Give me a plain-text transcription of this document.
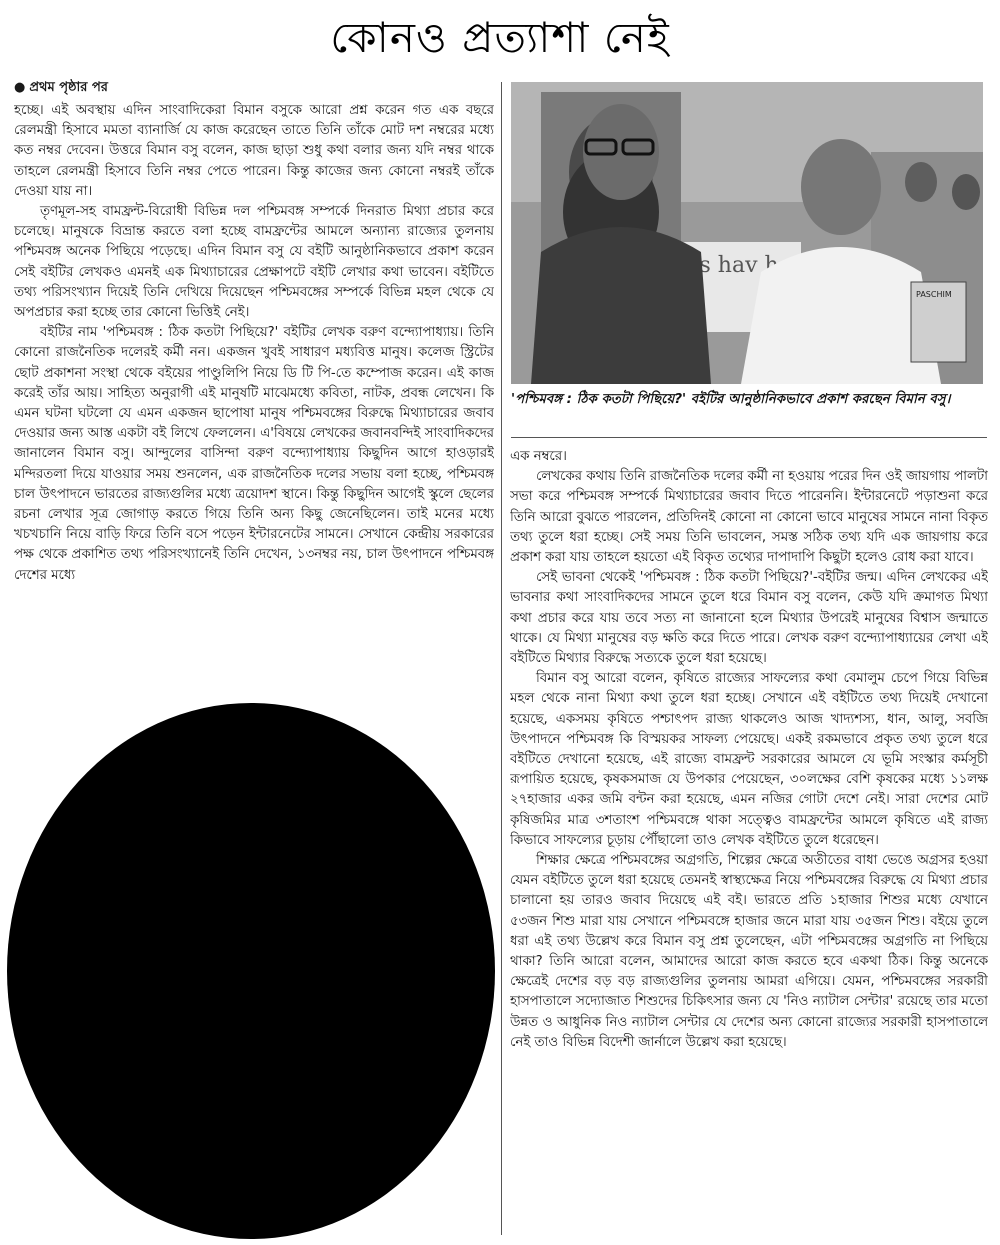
কোনও প্রত্যাশা নেই
● প্রথম পৃষ্ঠার পর

হচ্ছে। এই অবস্থায় এদিন সাংবাদিকেরা বিমান বসুকে আরো প্রশ্ন করেন গত এক বছরে রেলমন্ত্রী হিসাবে মমতা ব্যানার্জি যে কাজ করেছেন তাতে তিনি তাঁকে মোট দশ নম্বরের মধ্যে কত নম্বর দেবেন। উত্তরে বিমান বসু বলেন, কাজ ছাড়া শুধু কথা বলার জন্য যদি নম্বর থাকে তাহলে রেলমন্ত্রী হিসাবে তিনি নম্বর পেতে পারেন। কিন্তু কাজের জন্য কোনো নম্বরই তাঁকে দেওয়া যায় না।

তৃণমূল-সহ বামফ্রন্ট-বিরোধী বিভিন্ন দল পশ্চিমবঙ্গ সম্পর্কে দিনরাত মিথ্যা প্রচার করে চলেছে। মানুষকে বিভ্রান্ত করতে বলা হচ্ছে বামফ্রন্টের আমলে অন্যান্য রাজ্যের তুলনায় পশ্চিমবঙ্গ অনেক পিছিয়ে পড়েছে। এদিন বিমান বসু যে বইটি আনুষ্ঠানিকভাবে প্রকাশ করেন সেই বইটির লেখকও এমনই এক মিথ্যাচারের প্রেক্ষাপটে বইটি লেখার কথা ভাবেন। বইটিতে তথ্য পরিসংখ্যান দিয়েই তিনি দেখিয়ে দিয়েছেন পশ্চিমবঙ্গের সম্পর্কে বিভিন্ন মহল থেকে যে অপপ্রচার করা হচ্ছে তার কোনো ভিত্তিই নেই।

বইটির নাম 'পশ্চিমবঙ্গ : ঠিক কতটা পিছিয়ে?' বইটির লেখক বরুণ বন্দ্যোপাধ্যায়। তিনি কোনো রাজনৈতিক দলেরই কর্মী নন। একজন খুবই সাধারণ মধ্যবিত্ত মানুষ। কলেজ স্ট্রিটের ছোট প্রকাশনা সংস্থা থেকে বইয়ের পাণ্ডুলিপি নিয়ে ডি টি পি-তে কম্পোজ করেন। এই কাজ করেই তাঁর আয়। সাহিত্য অনুরাগী এই মানুষটি মাঝেমধ্যে কবিতা, নাটক, প্রবন্ধ লেখেন। কি এমন ঘটনা ঘটলো যে এমন একজন ছাপোষা মানুষ পশ্চিমবঙ্গের বিরুদ্ধে মিথ্যাচারের জবাব দেওয়ার জন্য আস্ত একটা বই লিখে ফেললেন। এ'বিষয়ে লেখকের জবানবন্দিই সাংবাদিকদের জানালেন বিমান বসু। আন্দুলের বাসিন্দা বরুণ বন্দ্যোপাধ্যায় কিছুদিন আগে হাওড়ারই মন্দিরতলা দিয়ে যাওয়ার সময় শুনলেন, এক রাজনৈতিক দলের সভায় বলা হচ্ছে, পশ্চিমবঙ্গ চাল উৎপাদনে ভারতের রাজ্যগুলির মধ্যে ত্রয়োদশ স্থানে। কিন্তু কিছুদিন আগেই স্কুলে ছেলের রচনা লেখার সূত্র জোগাড় করতে গিয়ে তিনি অন্য কিছু জেনেছিলেন। তাই মনের মধ্যে খচখচানি নিয়ে বাড়ি ফিরে তিনি বসে পড়েন ইন্টারনেটের সামনে। সেখানে কেন্দ্রীয় সরকারের পক্ষ থেকে প্রকাশিত তথ্য পরিসংখ্যানেই তিনি দেখেন, ১৩নম্বর নয়, চাল উৎপাদনে পশ্চিমবঙ্গ দেশের মধ্যে

hav
PASCHIM
'পশ্চিমবঙ্গ : ঠিক কতটা পিছিয়ে?' বইটির আনুষ্ঠানিকভাবে প্রকাশ করছেন বিমান বসু।

এক নম্বরে।

লেখকের কথায় তিনি রাজনৈতিক দলের কর্মী না হওয়ায় পরের দিন ওই জায়গায় পালটা সভা করে পশ্চিমবঙ্গ সম্পর্কে মিথ্যাচারের জবাব দিতে পারেননি। ইন্টারনেটে পড়াশুনা করে তিনি আরো বুঝতে পারলেন, প্রতিদিনই কোনো না কোনো ভাবে মানুষের সামনে নানা বিকৃত তথ্য তুলে ধরা হচ্ছে। সেই সময় তিনি ভাবলেন, সমস্ত সঠিক তথ্য যদি এক জায়গায় করে প্রকাশ করা যায় তাহলে হয়তো এই বিকৃত তথ্যের দাপাদাপি কিছুটা হলেও রোধ করা যাবে।

সেই ভাবনা থেকেই 'পশ্চিমবঙ্গ : ঠিক কতটা পিছিয়ে?'-বইটির জন্ম। এদিন লেখকের এই ভাবনার কথা সাংবাদিকদের সামনে তুলে ধরে বিমান বসু বলেন, কেউ যদি ক্রমাগত মিথ্যা কথা প্রচার করে যায় তবে সত্য না জানানো হলে মিথ্যার উপরেই মানুষের বিশ্বাস জন্মাতে থাকে। যে মিথ্যা মানুষের বড় ক্ষতি করে দিতে পারে। লেখক বরুণ বন্দ্যোপাধ্যায়ের লেখা এই বইটিতে মিথ্যার বিরুদ্ধে সত্যকে তুলে ধরা হয়েছে।

বিমান বসু আরো বলেন, কৃষিতে রাজ্যের সাফল্যের কথা বেমালুম চেপে গিয়ে বিভিন্ন মহল থেকে নানা মিথ্যা কথা তুলে ধরা হচ্ছে। সেখানে এই বইটিতে তথ্য দিয়েই দেখানো হয়েছে, একসময় কৃষিতে পশ্চাৎপদ রাজ্য থাকলেও আজ খাদ্যশস্য, ধান, আলু, সবজি উৎপাদনে পশ্চিমবঙ্গ কি বিস্ময়কর সাফল্য পেয়েছে। একই রকমভাবে প্রকৃত তথ্য তুলে ধরে বইটিতে দেখানো হয়েছে, এই রাজ্যে বামফ্রন্ট সরকারের আমলে যে ভূমি সংস্কার কর্মসূচী রূপায়িত হয়েছে, কৃষকসমাজ যে উপকার পেয়েছেন, ৩০লক্ষের বেশি কৃষকের মধ্যে ১১লক্ষ ২৭হাজার একর জমি বন্টন করা হয়েছে, এমন নজির গোটা দেশে নেই। সারা দেশের মোট কৃষিজমির মাত্র ৩শতাংশ পশ্চিমবঙ্গে থাকা সত্ত্বেও বামফ্রন্টের আমলে কৃষিতে এই রাজ্য কিভাবে সাফল্যের চূড়ায় পৌঁছালো তাও লেখক বইটিতে তুলে ধরেছেন।

শিক্ষার ক্ষেত্রে পশ্চিমবঙ্গের অগ্রগতি, শিল্পের ক্ষেত্রে অতীতের বাধা ভেঙে অগ্রসর হওয়া যেমন বইটিতে তুলে ধরা হয়েছে তেমনই স্বাস্থ্যক্ষেত্র নিয়ে পশ্চিমবঙ্গের বিরুদ্ধে যে মিথ্যা প্রচার চালানো হয় তারও জবাব দিয়েছে এই বই। ভারতে প্রতি ১হাজার শিশুর মধ্যে যেখানে ৫৩জন শিশু মারা যায় সেখানে পশ্চিমবঙ্গে হাজার জনে মারা যায় ৩৫জন শিশু। বইয়ে তুলে ধরা এই তথ্য উল্লেখ করে বিমান বসু প্রশ্ন তুলেছেন, এটা পশ্চিমবঙ্গের অগ্রগতি না পিছিয়ে থাকা? তিনি আরো বলেন, আমাদের আরো কাজ করতে হবে একথা ঠিক। কিন্তু অনেকে ক্ষেত্রেই দেশের বড় বড় রাজ্যগুলির তুলনায় আমরা এগিয়ে। যেমন, পশ্চিমবঙ্গের সরকারী হাসপাতালে সদ্যোজাত শিশুদের চিকিৎসার জন্য যে 'নিও ন্যাটাল সেন্টার' রয়েছে তার মতো উন্নত ও আধুনিক নিও ন্যাটাল সেন্টার যে দেশের অন্য কোনো রাজ্যের সরকারী হাসপাতালে নেই তাও বিভিন্ন বিদেশী জার্নালে উল্লেখ করা হয়েছে।
